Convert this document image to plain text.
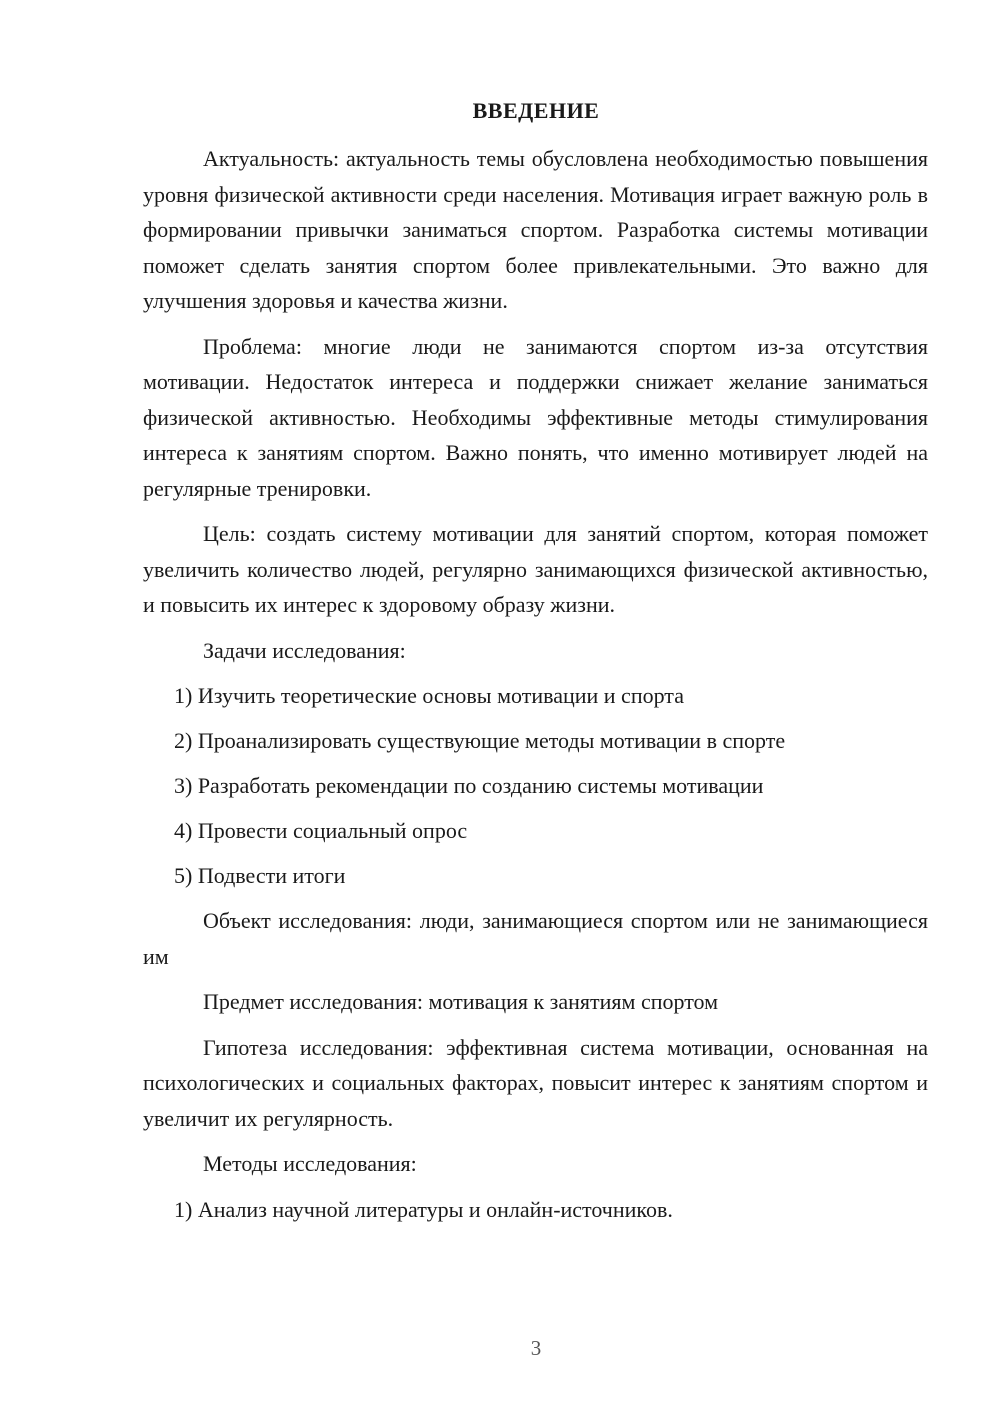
ВВЕДЕНИЕ

Актуальность: актуальность темы обусловлена необходимостью повышения уровня физической активности среди населения. Мотивация играет важную роль в формировании привычки заниматься спортом. Разработка системы мотивации поможет сделать занятия спортом более привлекательными. Это важно для улучшения здоровья и качества жизни.

Проблема: многие люди не занимаются спортом из-за отсутствия мотивации. Недостаток интереса и поддержки снижает желание заниматься физической активностью. Необходимы эффективные методы стимулирования интереса к занятиям спортом. Важно понять, что именно мотивирует людей на регулярные тренировки.

Цель: создать систему мотивации для занятий спортом, которая поможет увеличить количество людей, регулярно занимающихся физической активностью, и повысить их интерес к здоровому образу жизни.

Задачи исследования:

1) Изучить теоретические основы мотивации и спорта

2) Проанализировать существующие методы мотивации в спорте

3) Разработать рекомендации по созданию системы мотивации

4) Провести социальный опрос

5) Подвести итоги

Объект исследования: люди, занимающиеся спортом или не занимающиеся им

Предмет исследования: мотивация к занятиям спортом

Гипотеза исследования: эффективная система мотивации, основанная на психологических и социальных факторах, повысит интерес к занятиям спортом и увеличит их регулярность.

Методы исследования:

1) Анализ научной литературы и онлайн-источников.

3
